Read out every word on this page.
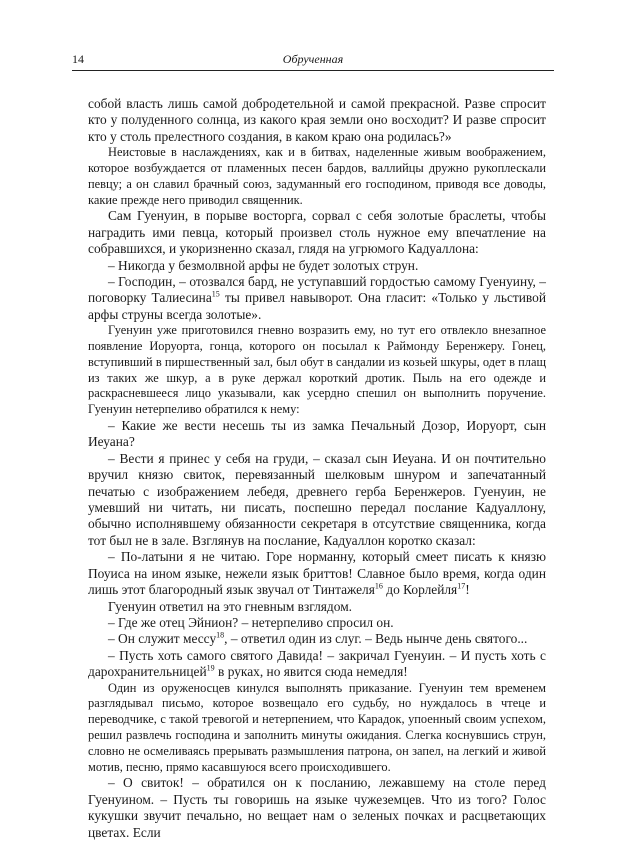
14	Обрученная

собой власть лишь самой добродетельной и самой прекрасной. Разве спросит кто у полуденного солнца, из какого края земли оно восходит? И разве спросит кто у столь прелестного создания, в каком краю она родилась?»

Неистовые в наслаждениях, как и в битвах, наделенные живым воображением, которое возбуждается от пламенных песен бардов, валлийцы дружно рукоплескали певцу; а он славил брачный союз, задуманный его господином, приводя все доводы, какие прежде него приводил священник.

Сам Гуенуин, в порыве восторга, сорвал с себя золотые браслеты, чтобы наградить ими певца, который произвел столь нужное ему впечатление на собравшихся, и укоризненно сказал, глядя на угрюмого Кадуаллона:

– Никогда у безмолвной арфы не будет золотых струн.

– Господин, – отозвался бард, не уступавший гордостью самому Гуенуину, – поговорку Талиесина$^{15}$ ты привел навыворот. Она гласит: «Только у льстивой арфы струны всегда золотые».

Гуенуин уже приготовился гневно возразить ему, но тут его отвлекло внезапное появление Иоруорта, гонца, которого он посылал к Раймонду Беренжеру. Гонец, вступивший в пиршественный зал, был обут в сандалии из козьей шкуры, одет в плащ из таких же шкур, а в руке держал короткий дротик. Пыль на его одежде и раскрасневшееся лицо указывали, как усердно спешил он выполнить поручение. Гуенуин нетерпеливо обратился к нему:

– Какие же вести несешь ты из замка Печальный Дозор, Иоруорт, сын Иеуана?

– Вести я принес у себя на груди, – сказал сын Иеуана. И он почтительно вручил князю свиток, перевязанный шелковым шнуром и запечатанный печатью с изображением лебедя, древнего герба Беренжеров. Гуенуин, не умевший ни читать, ни писать, поспешно передал послание Кадуаллону, обычно исполнявшему обязанности секретаря в отсутствие священника, когда тот был не в зале. Взглянув на послание, Кадуаллон коротко сказал:

– По-латыни я не читаю. Горе норманну, который смеет писать к князю Поуиса на ином языке, нежели язык бриттов! Славное было время, когда один лишь этот благородный язык звучал от Тинтажеля$^{16}$ до Корлейля$^{17}$!

Гуенуин ответил на это гневным взглядом.

– Где же отец Эйнион? – нетерпеливо спросил он.

– Он служит мессу$^{18}$, – ответил один из слуг. – Ведь нынче день святого...

– Пусть хоть самого святого Давида! – закричал Гуенуин. – И пусть хоть с дарохранительницей$^{19}$ в руках, но явится сюда немедля!

Один из оруженосцев кинулся выполнять приказание. Гуенуин тем временем разглядывал письмо, которое возвещало его судьбу, но нуждалось в чтеце и переводчике, с такой тревогой и нетерпением, что Карадок, упоенный своим успехом, решил развлечь господина и заполнить минуты ожидания. Слегка коснувшись струн, словно не осмеливаясь прерывать размышления патрона, он запел, на легкий и живой мотив, песню, прямо касавшуюся всего происходившего.

– О свиток! – обратился он к посланию, лежавшему на столе перед Гуенуином. – Пусть ты говоришь на языке чужеземцев. Что из того? Голос кукушки звучит печально, но вещает нам о зеленых почках и расцветающих цветах. Если
